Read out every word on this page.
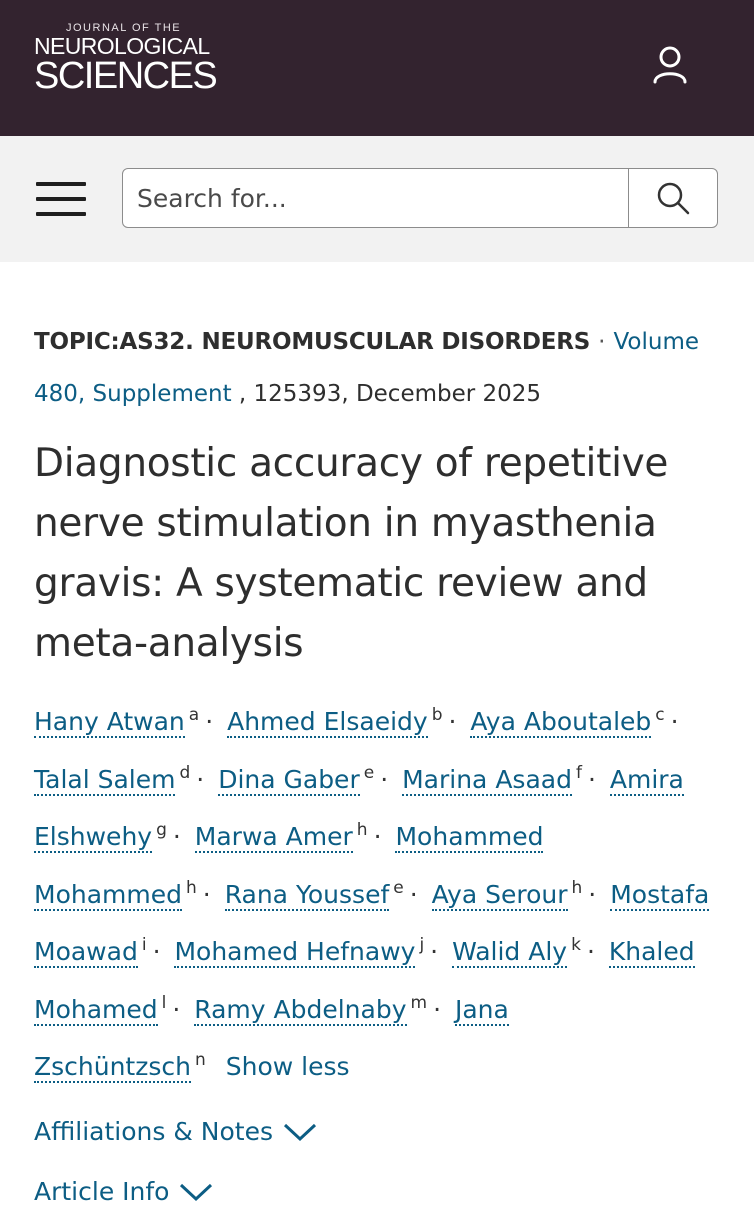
JOURNAL OF THE
NEUROLOGICAL
SCIENCES
Search for...
TOPIC:AS32. NEUROMUSCULAR DISORDERS · Volume 480, Supplement , 125393, December 2025
Diagnostic accuracy of repetitive nerve stimulation in myasthenia gravis: A systematic review and meta-analysis
Hany Atwan $^a$ · Ahmed Elsaeidy $^b$ · Aya Aboutaleb $^c$ · Talal Salem $^d$ · Dina Gaber $^e$ · Marina Asaad $^f$ · Amira Elshwehy $^g$ · Marwa Amer $^h$ · Mohammed Mohammed $^h$ · Rana Youssef $^e$ · Aya Serour $^h$ · Mostafa Moawad $^i$ · Mohamed Hefnawy $^j$ · Walid Aly $^k$ · Khaled Mohamed $^l$ · Ramy Abdelnaby $^m$ · Jana Zschüntzsch $^n$ Show less
Affiliations & Notes
Article Info
